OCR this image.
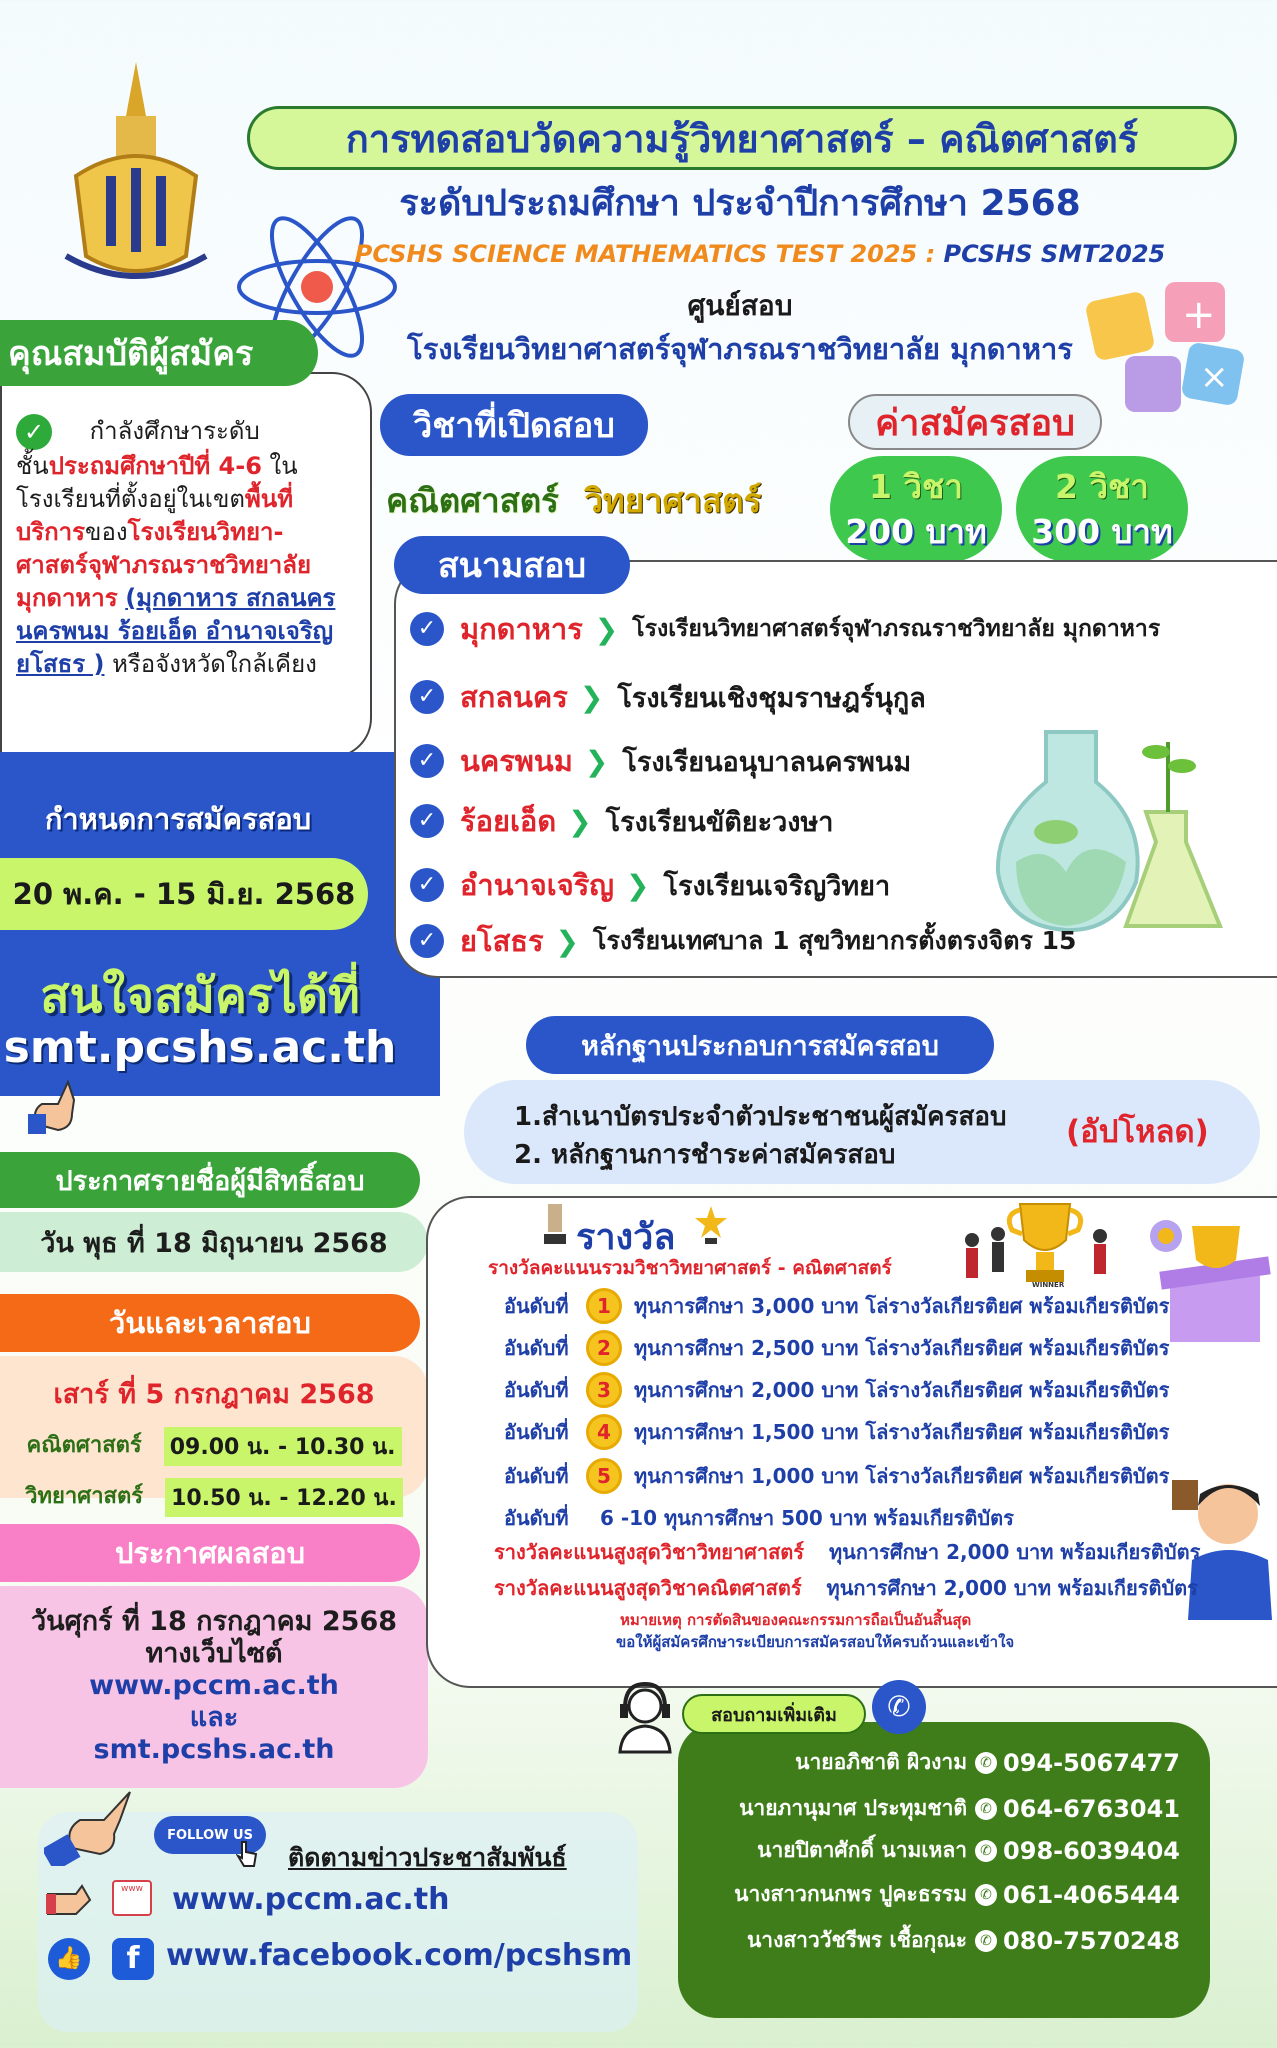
+
×
การทดสอบวัดความรู้วิทยาศาสตร์ – คณิตศาสตร์
ระดับประถมศึกษา ประจำปีการศึกษา 2568
PCSHS SCIENCE MATHEMATICS TEST 2025 : PCSHS SMT2025
ศูนย์สอบ
โรงเรียนวิทยาศาสตร์จุฬาภรณราชวิทยาลัย มุกดาหาร
✓ กำลังศึกษาระดับ
ชั้นประถมศึกษาปีที่ 4-6 ใน
โรงเรียนที่ตั้งอยู่ในเขตพื้นที่
บริการของโรงเรียนวิทยา-
ศาสตร์จุฬาภรณราชวิทยาลัย
มุกดาหาร (มุกดาหาร สกลนคร
นครพนม ร้อยเอ็ด อำนาจเจริญ
ยโสธร ) หรือจังหวัดใกล้เคียง
คุณสมบัติผู้สมัคร
กำหนดการสมัครสอบ
20 พ.ค. - 15 มิ.ย. 2568
สนใจสมัครได้ที่
smt.pcshs.ac.th
ประกาศรายชื่อผู้มีสิทธิ์สอบ
วัน พุธ ที่ 18 มิถุนายน 2568
วันและเวลาสอบ
เสาร์ ที่ 5 กรกฎาคม 2568
คณิตศาสตร์ 09.00 น. - 10.30 น.
วิทยาศาสตร์ 10.50 น. - 12.20 น.
ประกาศผลสอบ
วันศุกร์ ที่ 18 กรกฎาคม 2568
ทางเว็บไซต์
www.pccm.ac.th
และ
smt.pcshs.ac.th
วิชาที่เปิดสอบ
คณิตศาสตร์ วิทยาศาสตร์
ค่าสมัครสอบ
1 วิชา
200 บาท
2 วิชา
300 บาท
สนามสอบ
✓ มุกดาหาร ❯ โรงเรียนวิทยาศาสตร์จุฬาภรณราชวิทยาลัย มุกดาหาร
✓ สกลนคร ❯ โรงเรียนเชิงชุมราษฎร์นุกูล
✓ นครพนม ❯ โรงเรียนอนุบาลนครพนม
✓ ร้อยเอ็ด ❯ โรงเรียนขัติยะวงษา
✓ อำนาจเจริญ ❯ โรงเรียนเจริญวิทยา
✓ ยโสธร ❯ โรงรียนเทศบาล 1 สุขวิทยากรตั้งตรงจิตร 15
หลักฐานประกอบการสมัครสอบ
1.สำเนาบัตรประจำตัวประชาชนผู้สมัครสอบ
2. หลักฐานการชำระค่าสมัครสอบ
(อัปโหลด)
รางวัล
รางวัลคะแนนรวมวิชาวิทยาศาสตร์ - คณิตศาสตร์
WINNER
อันดับที่	1	ทุนการศึกษา 3,000 บาท โล่รางวัลเกียรติยศ พร้อมเกียรติบัตร
อันดับที่	2	ทุนการศึกษา 2,500 บาท โล่รางวัลเกียรติยศ พร้อมเกียรติบัตร
อันดับที่	3	ทุนการศึกษา 2,000 บาท โล่รางวัลเกียรติยศ พร้อมเกียรติบัตร
อันดับที่	4	ทุนการศึกษา 1,500 บาท โล่รางวัลเกียรติยศ พร้อมเกียรติบัตร
อันดับที่	5	ทุนการศึกษา 1,000 บาท โล่รางวัลเกียรติยศ พร้อมเกียรติบัตร
อันดับที่	6 -10 ทุนการศึกษา 500 บาท พร้อมเกียรติบัตร
รางวัลคะแนนสูงสุดวิชาวิทยาศาสตร์ ทุนการศึกษา 2,000 บาท พร้อมเกียรติบัตร
รางวัลคะแนนสูงสุดวิชาคณิตศาสตร์ ทุนการศึกษา 2,000 บาท พร้อมเกียรติบัตร
หมายเหตุ การตัดสินของคณะกรรมการถือเป็นอันสิ้นสุด
ขอให้ผู้สมัครศึกษาระเบียบการสมัครสอบให้ครบถ้วนและเข้าใจ
สอบถามเพิ่มเติม	✆
นายอภิชาติ ผิวงาม ✆ 094-5067477
นายภานุมาศ ประทุมชาติ ✆ 064-6763041
นายปิตาศักดิ์ นามเหลา ✆ 098-6039404
นางสาวกนกพร ปูคะธรรม ✆ 061-4065444
นางสาววัชรีพร เชื้อกุณะ ✆ 080-7570248
FOLLOW US
ติดตามข่าวประชาสัมพันธ์
www www.pccm.ac.th
👍	f www.facebook.com/pcshsm
